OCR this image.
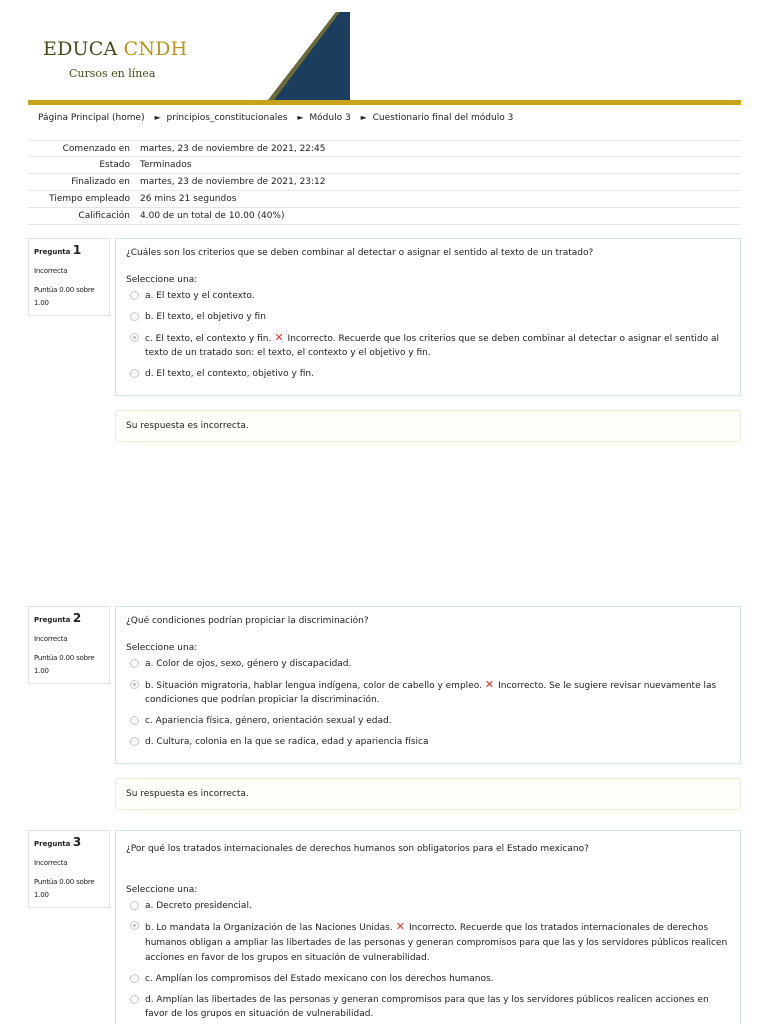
EDUCA CNDH
Cursos en línea
Página Principal (home) ► principios_constitucionales ► Módulo 3 ► Cuestionario final del módulo 3
Comenzado en	martes, 23 de noviembre de 2021, 22:45
Estado	Terminados
Finalizado en	martes, 23 de noviembre de 2021, 23:12
Tiempo empleado	26 mins 21 segundos
Calificación	4.00 de un total de 10.00 (40%)
Pregunta 1
Incorrecta
Puntúa 0.00 sobre 1.00
¿Cuáles son los criterios que se deben combinar al detectar o asignar el sentido al texto de un tratado?
Seleccione una:
a. El texto y el contexto.
b. El texto, el objetivo y fin
c. El texto, el contexto y fin. ✕ Incorrecto. Recuerde que los criterios que se deben combinar al detectar o asignar el sentido al texto de un tratado son: el texto, el contexto y el objetivo y fin.
d. El texto, el contexto, objetivo y fin.
Su respuesta es incorrecta.
Pregunta 2
Incorrecta
Puntúa 0.00 sobre 1.00
¿Qué condiciones podrían propiciar la discriminación?
Seleccione una:
a. Color de ojos, sexo, género y discapacidad.
b. Situación migratoria, hablar lengua indígena, color de cabello y empleo. ✕ Incorrecto. Se le sugiere revisar nuevamente las condiciones que podrían propiciar la discriminación.
c. Apariencia física, género, orientación sexual y edad.
d. Cultura, colonia en la que se radica, edad y apariencia física
Su respuesta es incorrecta.
Pregunta 3
Incorrecta
Puntúa 0.00 sobre 1.00
¿Por qué los tratados internacionales de derechos humanos son obligatorios para el Estado mexicano?
Seleccione una:
a. Decreto presidencial.
b. Lo mandata la Organización de las Naciones Unidas. ✕ Incorrecto. Recuerde que los tratados internacionales de derechos humanos obligan a ampliar las libertades de las personas y generan compromisos para que las y los servidores públicos realicen acciones en favor de los grupos en situación de vulnerabilidad.
c. Amplían los compromisos del Estado mexicano con los derechos humanos.
d. Amplían las libertades de las personas y generan compromisos para que las y los servidores públicos realicen acciones en favor de los grupos en situación de vulnerabilidad.
